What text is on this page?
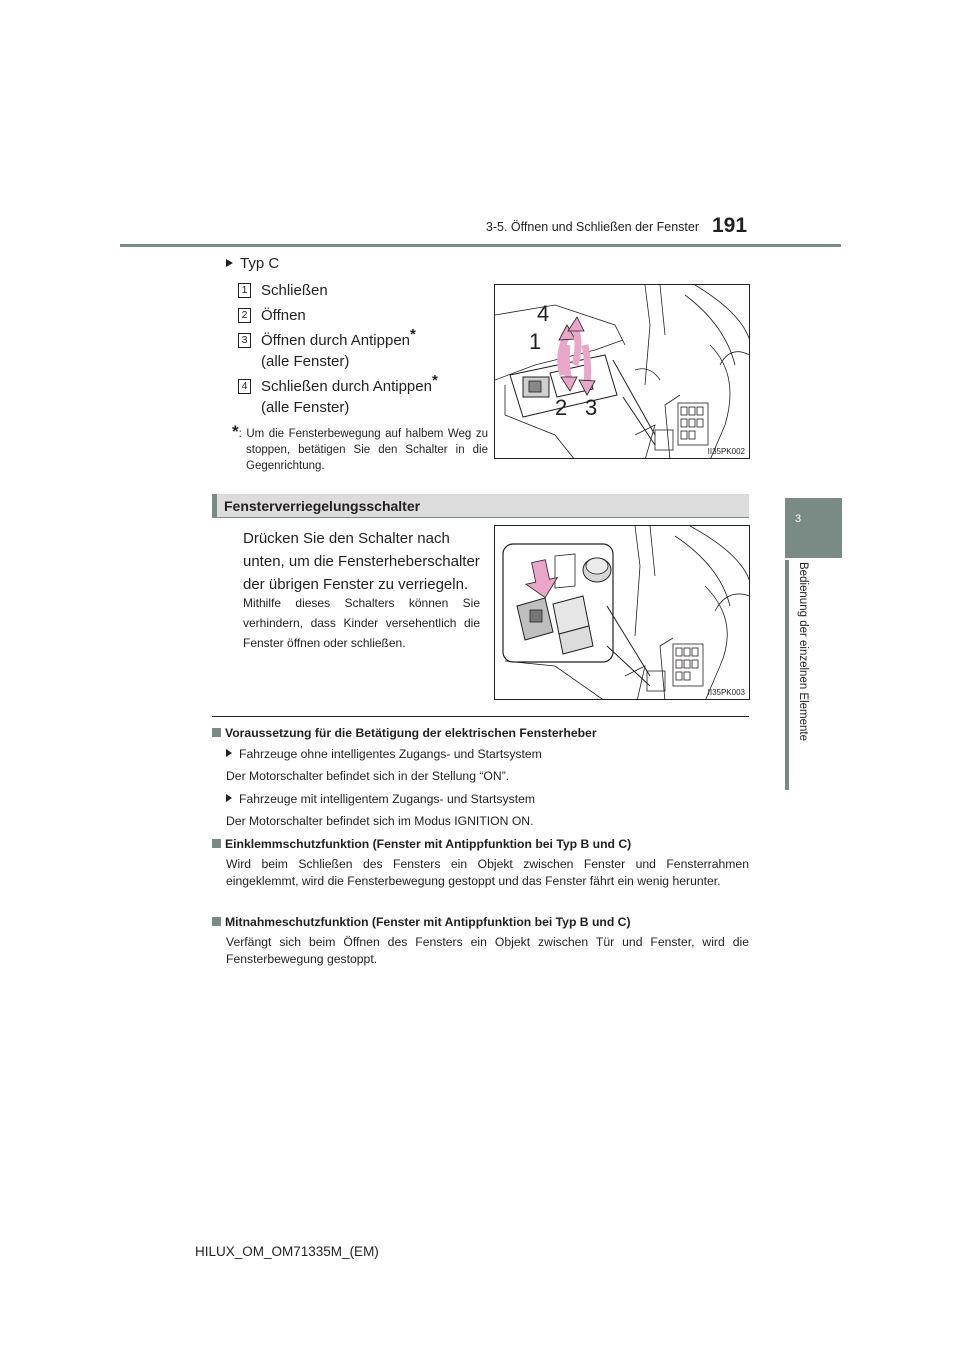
3-5. Öffnen und Schließen der Fenster 191
3
Bedienung der einzelnen Elemente
Typ C
1 Schließen
2 Öffnen
3 Öffnen durch Antippen*
(alle Fenster)
4 Schließen durch Antippen*
(alle Fenster)
*: Um die Fensterbewegung auf halbem Weg zu stoppen, betätigen Sie den Schalter in die Gegenrichtung.
4
1
2 3
II35PK002
Fensterverriegelungsschalter
Drücken Sie den Schalter nach unten, um die Fensterheberschalter der übrigen Fenster zu verriegeln.
Mithilfe dieses Schalters können Sie verhindern, dass Kinder versehentlich die Fenster öffnen oder schließen.
II35PK003
Voraussetzung für die Betätigung der elektrischen Fensterheber
Fahrzeuge ohne intelligentes Zugangs- und Startsystem
Der Motorschalter befindet sich in der Stellung “ON”.
Fahrzeuge mit intelligentem Zugangs- und Startsystem
Der Motorschalter befindet sich im Modus IGNITION ON.
Einklemmschutzfunktion (Fenster mit Antippfunktion bei Typ B und C)
Wird beim Schließen des Fensters ein Objekt zwischen Fenster und Fensterrahmen eingeklemmt, wird die Fensterbewegung gestoppt und das Fenster fährt ein wenig herunter.
Mitnahmeschutzfunktion (Fenster mit Antippfunktion bei Typ B und C)
Verfängt sich beim Öffnen des Fensters ein Objekt zwischen Tür und Fenster, wird die Fensterbewegung gestoppt.
HILUX_OM_OM71335M_(EM)
